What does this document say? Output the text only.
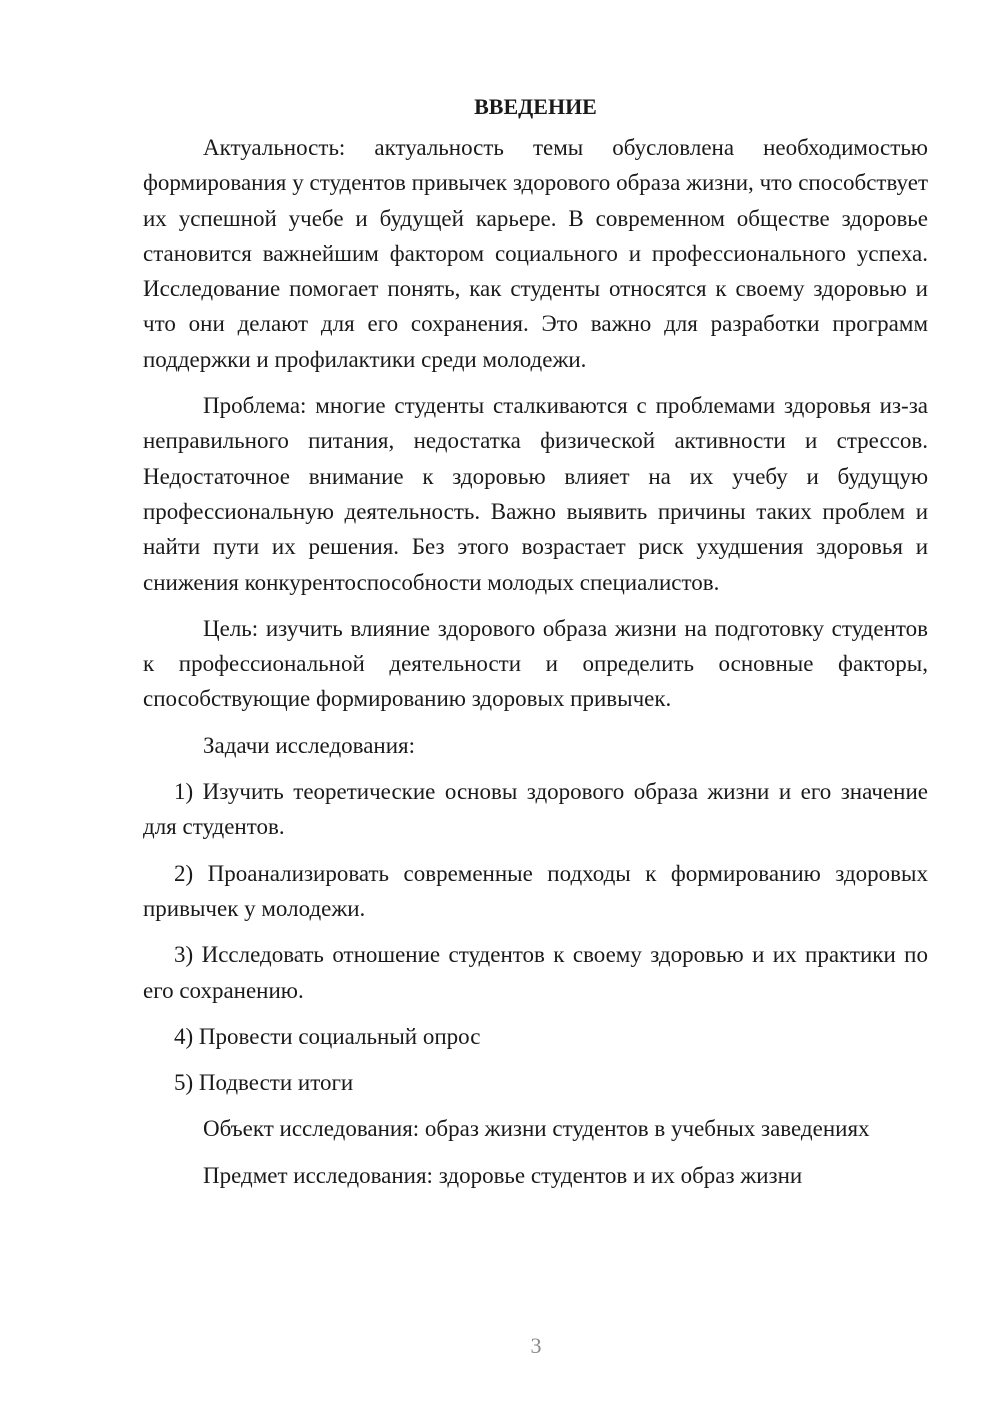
ВВЕДЕНИЕ

Актуальность: актуальность темы обусловлена необходимостью формирования у студентов привычек здорового образа жизни, что способствует их успешной учебе и будущей карьере. В современном обществе здоровье становится важнейшим фактором социального и профессионального успеха. Исследование помогает понять, как студенты относятся к своему здоровью и что они делают для его сохранения. Это важно для разработки программ поддержки и профилактики среди молодежи.

Проблема: многие студенты сталкиваются с проблемами здоровья из-за неправильного питания, недостатка физической активности и стрессов. Недостаточное внимание к здоровью влияет на их учебу и будущую профессиональную деятельность. Важно выявить причины таких проблем и найти пути их решения. Без этого возрастает риск ухудшения здоровья и снижения конкурентоспособности молодых специалистов.

Цель: изучить влияние здорового образа жизни на подготовку студентов к профессиональной деятельности и определить основные факторы, способствующие формированию здоровых привычек.

Задачи исследования:

1) Изучить теоретические основы здорового образа жизни и его значение для студентов.

2) Проанализировать современные подходы к формированию здоровых привычек у молодежи.

3) Исследовать отношение студентов к своему здоровью и их практики по его сохранению.

4) Провести социальный опрос

5) Подвести итоги

Объект исследования: образ жизни студентов в учебных заведениях

Предмет исследования: здоровье студентов и их образ жизни

3
